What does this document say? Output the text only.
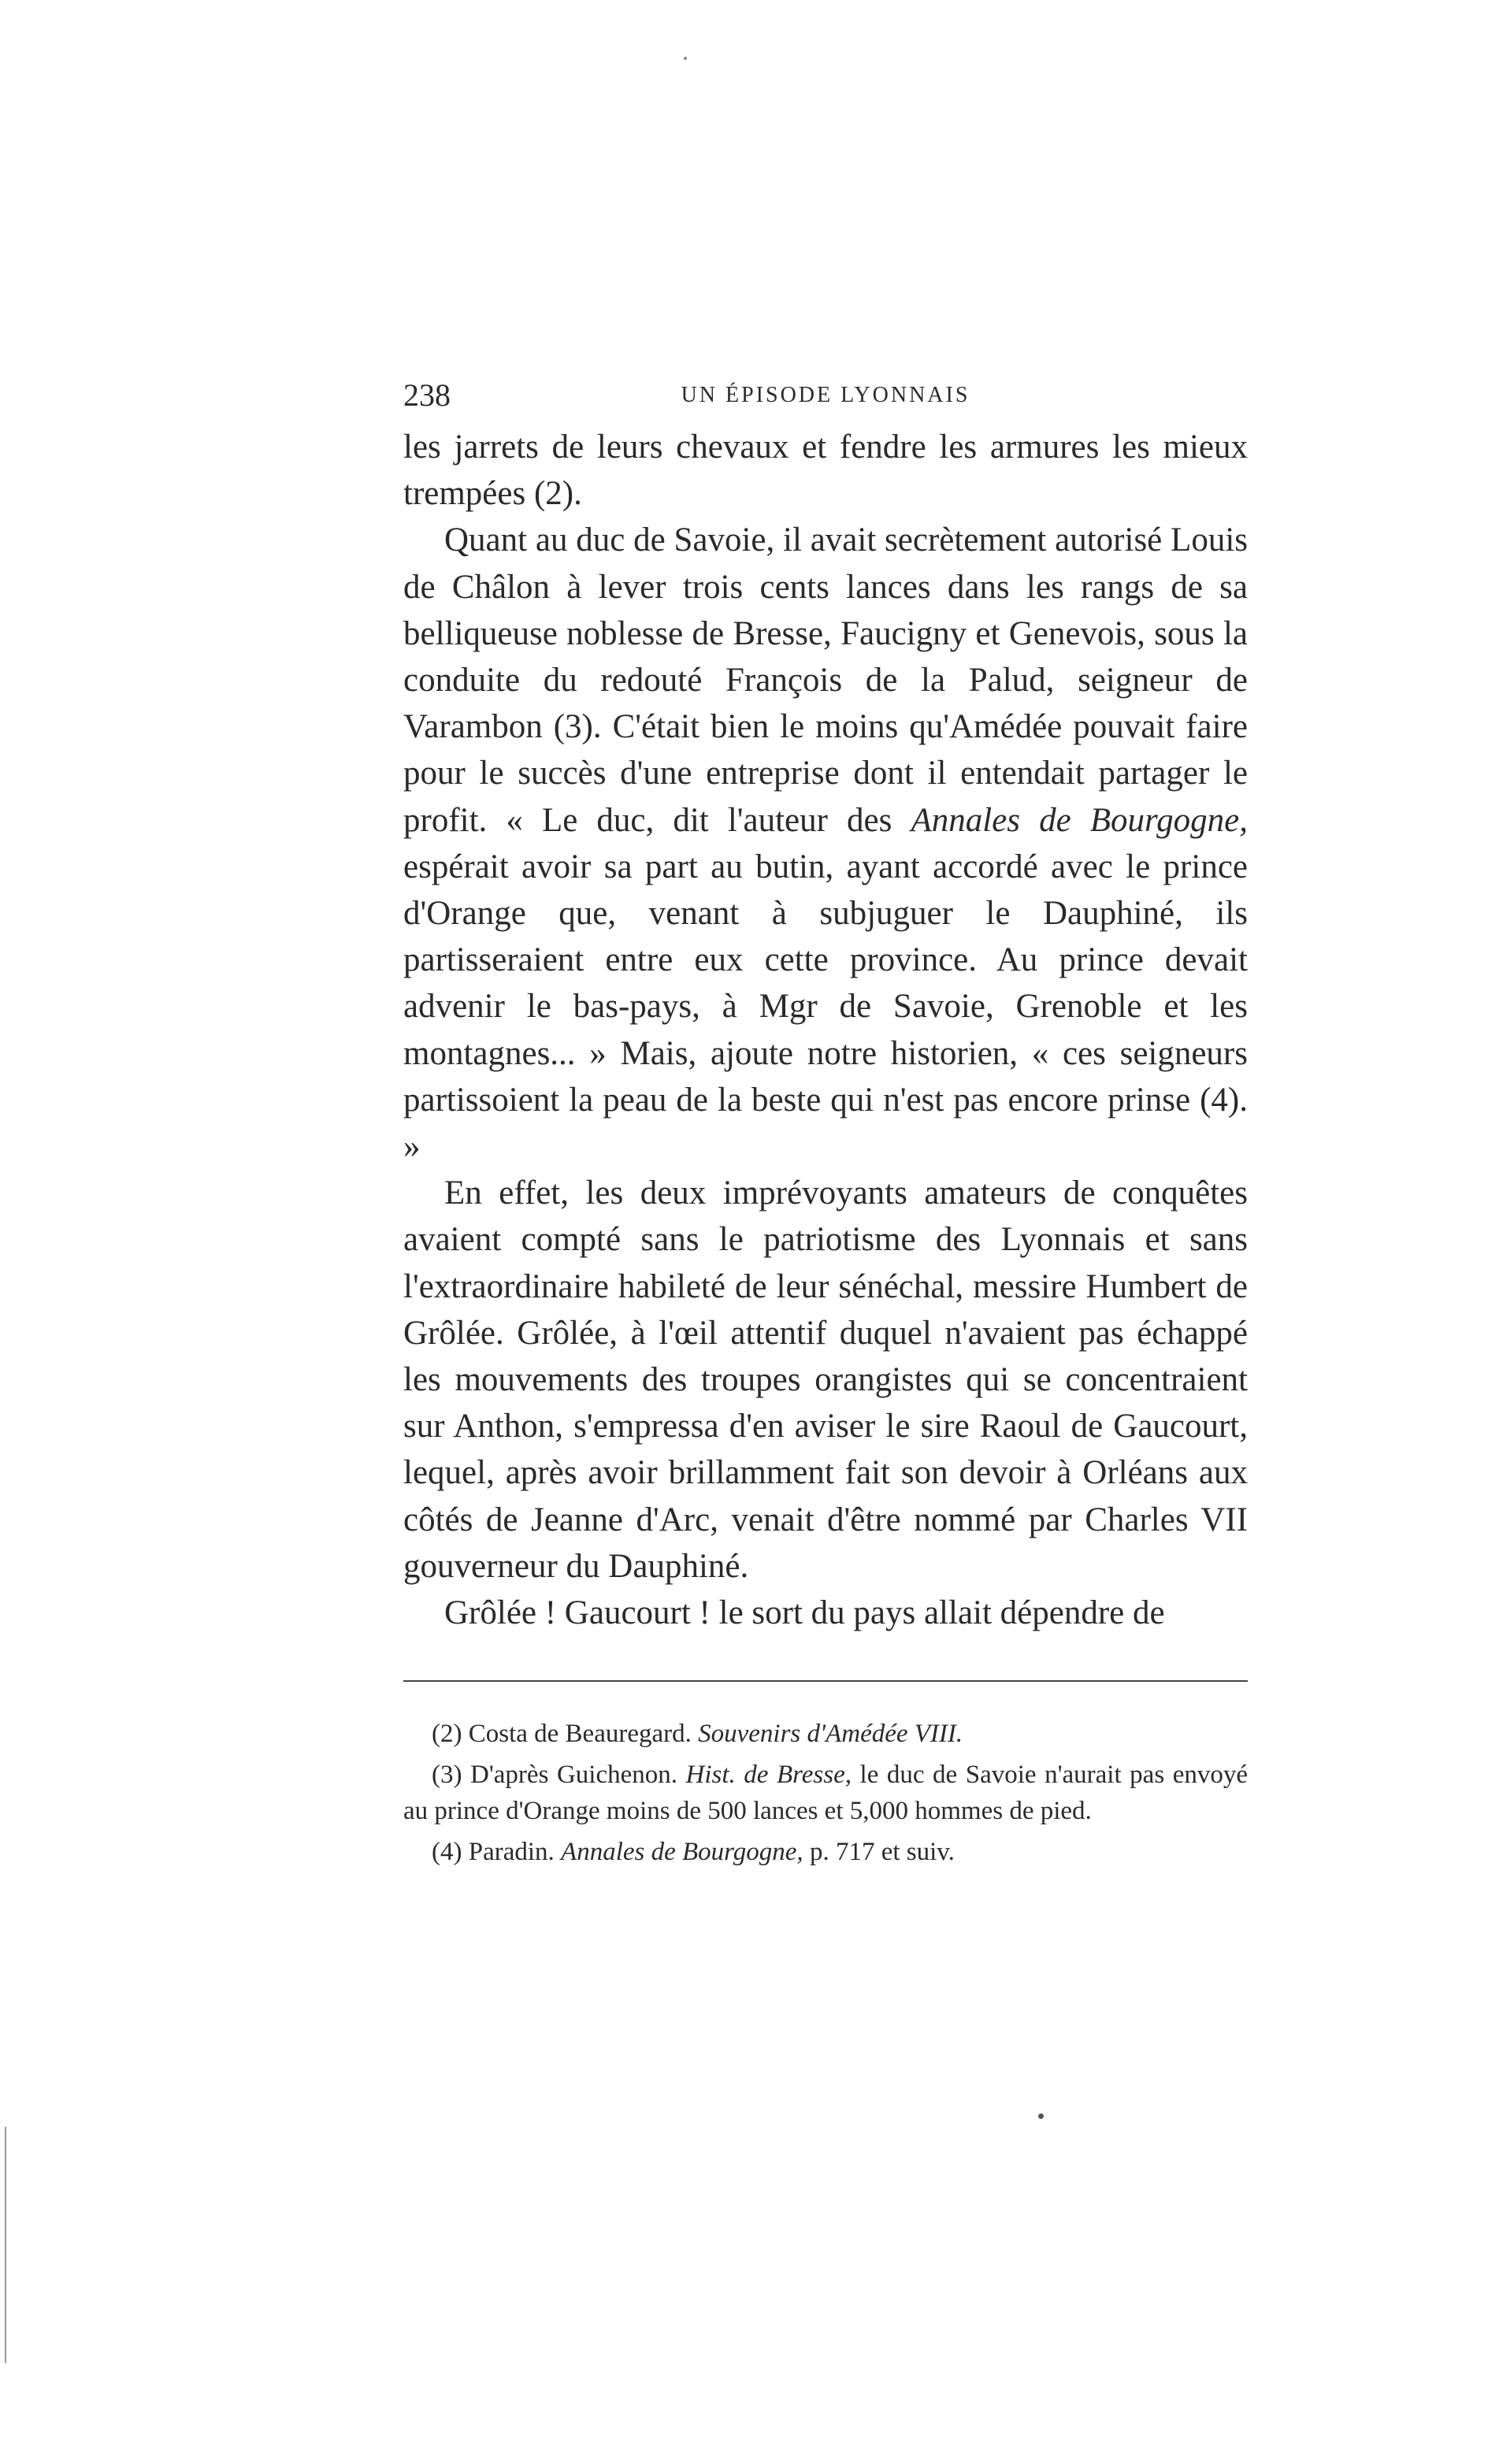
238	UN ÉPISODE LYONNAIS

les jarrets de leurs chevaux et fendre les armures les mieux trempées (2).

Quant au duc de Savoie, il avait secrètement autorisé Louis de Châlon à lever trois cents lances dans les rangs de sa belliqueuse noblesse de Bresse, Faucigny et Genevois, sous la conduite du redouté François de la Palud, seigneur de Varambon (3). C'était bien le moins qu'Amédée pouvait faire pour le succès d'une entreprise dont il entendait partager le profit. « Le duc, dit l'auteur des Annales de Bourgogne, espérait avoir sa part au butin, ayant accordé avec le prince d'Orange que, venant à subjuguer le Dauphiné, ils partisseraient entre eux cette province. Au prince devait advenir le bas-pays, à Mgr de Savoie, Grenoble et les montagnes... » Mais, ajoute notre historien, « ces seigneurs partissoient la peau de la beste qui n'est pas encore prinse (4). »

En effet, les deux imprévoyants amateurs de conquêtes avaient compté sans le patriotisme des Lyonnais et sans l'extraordinaire habileté de leur sénéchal, messire Humbert de Grôlée. Grôlée, à l'œil attentif duquel n'avaient pas échappé les mouvements des troupes orangistes qui se concentraient sur Anthon, s'empressa d'en aviser le sire Raoul de Gaucourt, lequel, après avoir brillamment fait son devoir à Orléans aux côtés de Jeanne d'Arc, venait d'être nommé par Charles VII gouverneur du Dauphiné.

Grôlée ! Gaucourt ! le sort du pays allait dépendre de

(2) Costa de Beauregard. Souvenirs d'Amédée VIII.

(3) D'après Guichenon. Hist. de Bresse, le duc de Savoie n'aurait pas envoyé au prince d'Orange moins de 500 lances et 5,000 hommes de pied.

(4) Paradin. Annales de Bourgogne, p. 717 et suiv.
